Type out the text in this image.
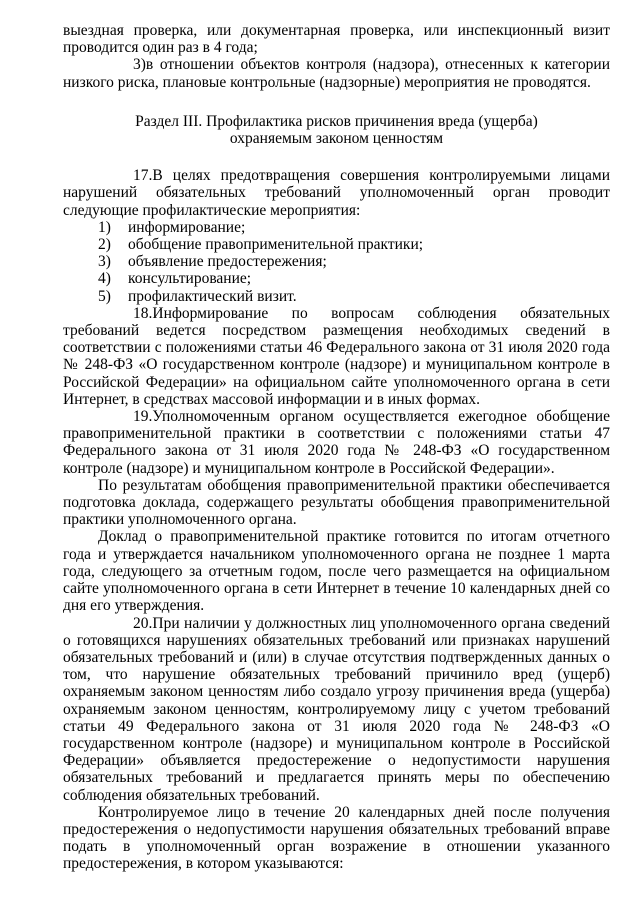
выездная проверка, или документарная проверка, или инспекционный визит проводится один раз в 4 года;

3)в отношении объектов контроля (надзора), отнесенных к категории низкого риска, плановые контрольные (надзорные) мероприятия не проводятся.

Раздел III. Профилактика рисков причинения вреда (ущерба)
охраняемым законом ценностям

17.В целях предотвращения совершения контролируемыми лицами нарушений обязательных требований уполномоченный орган проводит следующие профилактические мероприятия:

1) информирование;

2) обобщение правоприменительной практики;

3) объявление предостережения;

4) консультирование;

5) профилактический визит.

18.Информирование по вопросам соблюдения обязательных требований ведется посредством размещения необходимых сведений в соответствии с положениями статьи 46 Федерального закона от 31 июля 2020 года № 248-ФЗ «О государственном контроле (надзоре) и муниципальном контроле в Российской Федерации» на официальном сайте уполномоченного органа в сети Интернет, в средствах массовой информации и в иных формах.

19.Уполномоченным органом осуществляется ежегодное обобщение правоприменительной практики в соответствии с положениями статьи 47 Федерального закона от 31 июля 2020 года № 248-ФЗ «О государственном контроле (надзоре) и муниципальном контроле в Российской Федерации».

По результатам обобщения правоприменительной практики обеспечивается подготовка доклада, содержащего результаты обобщения правоприменительной практики уполномоченного органа.

Доклад о правоприменительной практике готовится по итогам отчетного года и утверждается начальником уполномоченного органа не позднее 1 марта года, следующего за отчетным годом, после чего размещается на официальном сайте уполномоченного органа в сети Интернет в течение 10 календарных дней со дня его утверждения.

20.При наличии у должностных лиц уполномоченного органа сведений о готовящихся нарушениях обязательных требований или признаках нарушений обязательных требований и (или) в случае отсутствия подтвержденных данных о том, что нарушение обязательных требований причинило вред (ущерб) охраняемым законом ценностям либо создало угрозу причинения вреда (ущерба) охраняемым законом ценностям, контролируемому лицу с учетом требований статьи 49 Федерального закона от 31 июля 2020 года № 248-ФЗ «О государственном контроле (надзоре) и муниципальном контроле в Российской Федерации» объявляется предостережение о недопустимости нарушения обязательных требований и предлагается принять меры по обеспечению соблюдения обязательных требований.

Контролируемое лицо в течение 20 календарных дней после получения предостережения о недопустимости нарушения обязательных требований вправе подать в уполномоченный орган возражение в отношении указанного предостережения, в котором указываются:
